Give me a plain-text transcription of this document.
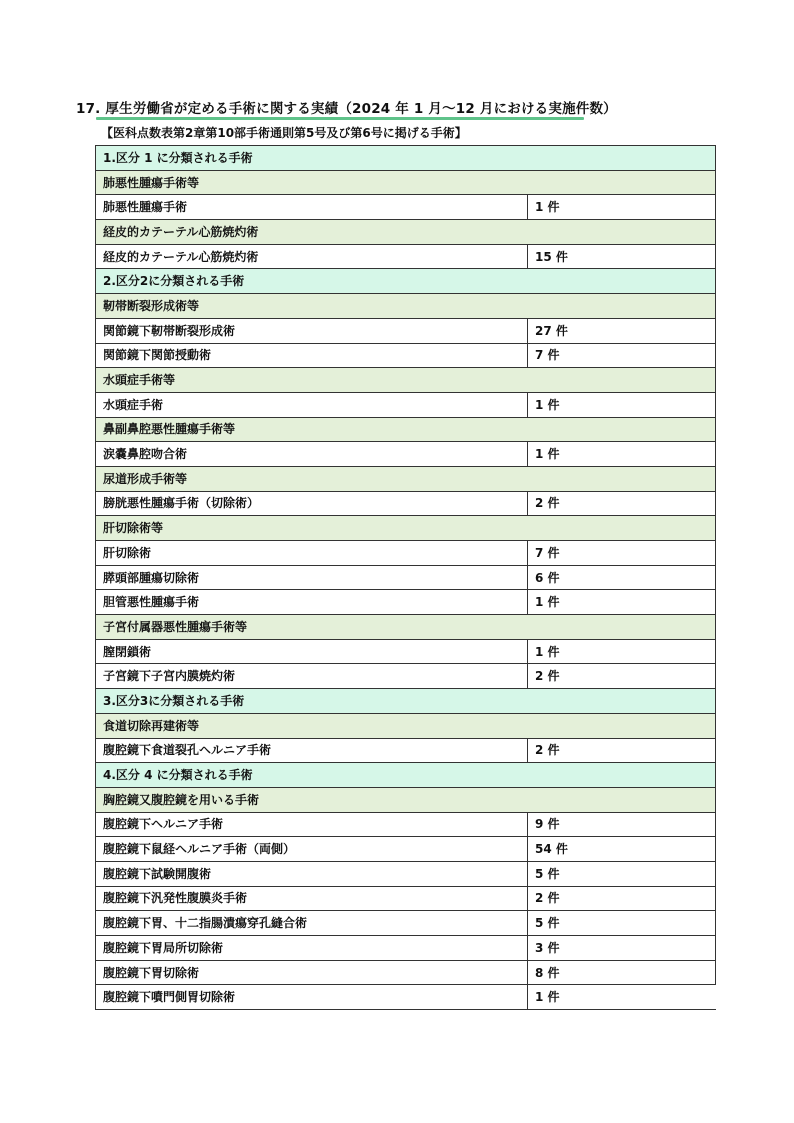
17. 厚生労働省が定める手術に関する実績（2024 年 1 月～12 月における実施件数）
【医科点数表第2章第10部手術通則第5号及び第6号に掲げる手術】
1.区分 1 に分類される手術	
肺悪性腫瘍手術等	
肺悪性腫瘍手術	1 件
経皮的カテーテル心筋焼灼術	
経皮的カテーテル心筋焼灼術	15 件
2.区分2に分類される手術	
靭帯断裂形成術等	
関節鏡下靭帯断裂形成術	27 件
関節鏡下関節授動術	7 件
水頭症手術等	
水頭症手術	1 件
鼻副鼻腔悪性腫瘍手術等	
涙嚢鼻腔吻合術	1 件
尿道形成手術等	
膀胱悪性腫瘍手術（切除術）	2 件
肝切除術等	
肝切除術	7 件
膵頭部腫瘍切除術	6 件
胆管悪性腫瘍手術	1 件
子宮付属器悪性腫瘍手術等	
膣閉鎖術	1 件
子宮鏡下子宮内膜焼灼術	2 件
3.区分3に分類される手術	
食道切除再建術等	
腹腔鏡下食道裂孔ヘルニア手術	2 件
4.区分 4 に分類される手術	
胸腔鏡又腹腔鏡を用いる手術	
腹腔鏡下ヘルニア手術	9 件
腹腔鏡下鼠経ヘルニア手術（両側）	54 件
腹腔鏡下試験開腹術	5 件
腹腔鏡下汎発性腹膜炎手術	2 件
腹腔鏡下胃、十二指腸潰瘍穿孔縫合術	5 件
腹腔鏡下胃局所切除術	3 件
腹腔鏡下胃切除術	8 件
腹腔鏡下噴門側胃切除術	1 件
